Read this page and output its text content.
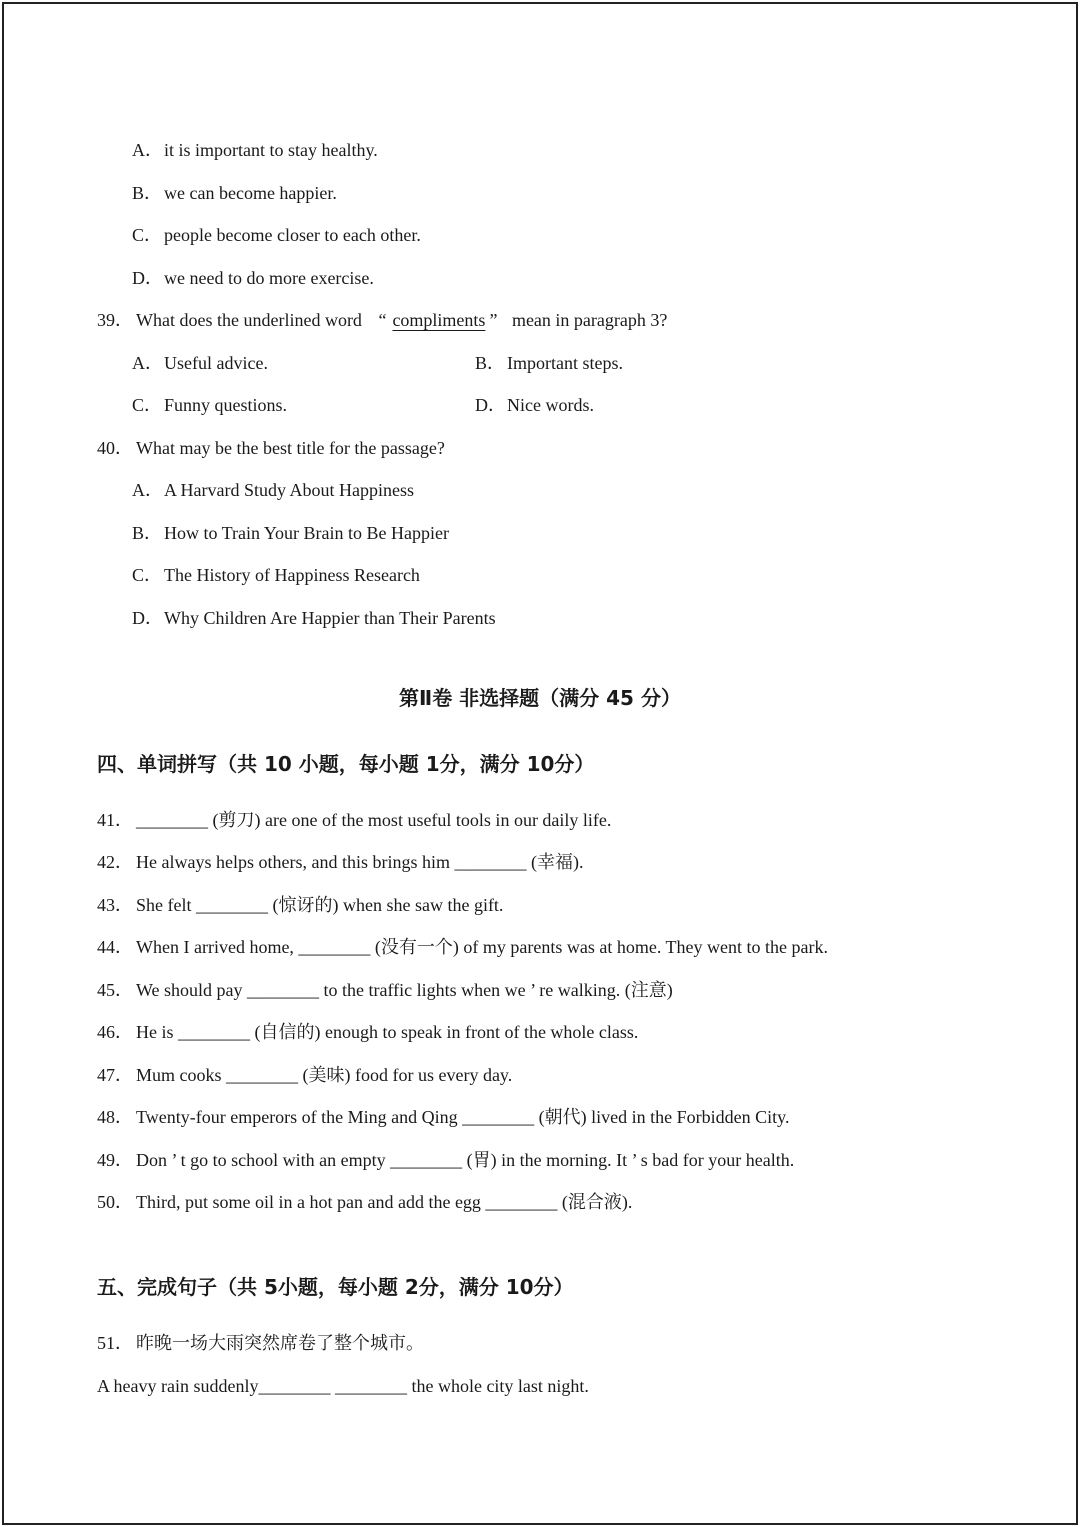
A．it is important to stay healthy.
B． we can become happier.
C． people become closer to each other.
D．we need to do more exercise.
39． What does the underlined word “ compliments ” mean in paragraph 3?
A．Useful advice.	B． Important steps.
C． Funny questions.	D．Nice words.
40． What may be the best title for the passage?
A．A Harvard Study About Happiness
B． How to Train Your Brain to Be Happier
C． The History of Happiness Research
D．Why Children Are Happier than Their Parents
第Ⅱ卷 非选择题（满分 45 分）
四、单词拼写（共 10 小题，每小题 1分，满分 10分）
41． ________ (剪刀) are one of the most useful tools in our daily life.
42． He always helps others, and this brings him ________ (幸福).
43． She felt ________ (惊讶的) when she saw the gift.
44． When I arrived home, ________ (没有一个) of my parents was at home. They went to the park.
45． We should pay ________ to the traffic lights when we ’ re walking. (注意)
46． He is ________ (自信的) enough to speak in front of the whole class.
47． Mum cooks ________ (美味) food for us every day.
48． Twenty-four emperors of the Ming and Qing ________ (朝代) lived in the Forbidden City.
49． Don ’ t go to school with an empty ________ (胃) in the morning. It ’ s bad for your health.
50． Third, put some oil in a hot pan and add the egg ________ (混合液).
五、完成句子（共 5小题，每小题 2分，满分 10分）
51． 昨晚一场大雨突然席卷了整个城市。
A heavy rain suddenly________ ________ the whole city last night.
